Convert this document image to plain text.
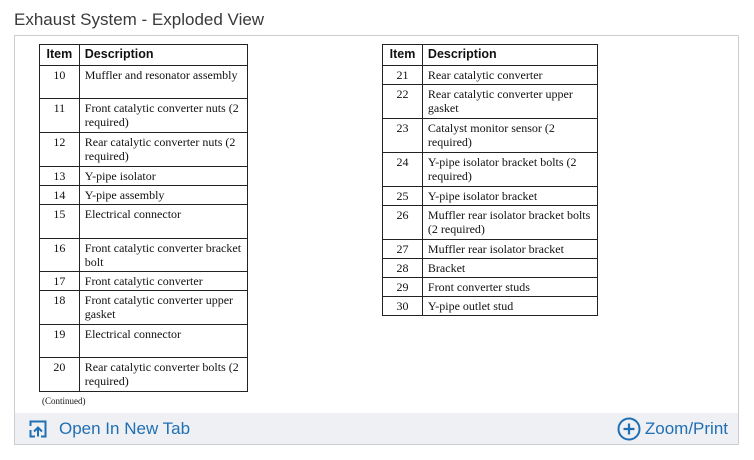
Exhaust System - Exploded View
Item	Description
10	Muffler and resonator assembly
11	Front catalytic converter nuts (2 required)
12	Rear catalytic converter nuts (2 required)
13	Y-pipe isolator
14	Y-pipe assembly
15	Electrical connector
16	Front catalytic converter bracket bolt
17	Front catalytic converter
18	Front catalytic converter upper gasket
19	Electrical connector
20	Rear catalytic converter bolts (2 required)
(Continued)
Item	Description
21	Rear catalytic converter
22	Rear catalytic converter upper gasket
23	Catalyst monitor sensor (2 required)
24	Y-pipe isolator bracket bolts (2 required)
25	Y-pipe isolator bracket
26	Muffler rear isolator bracket bolts (2 required)
27	Muffler rear isolator bracket
28	Bracket
29	Front converter studs
30	Y-pipe outlet stud
Open In New Tab	Zoom/Print
